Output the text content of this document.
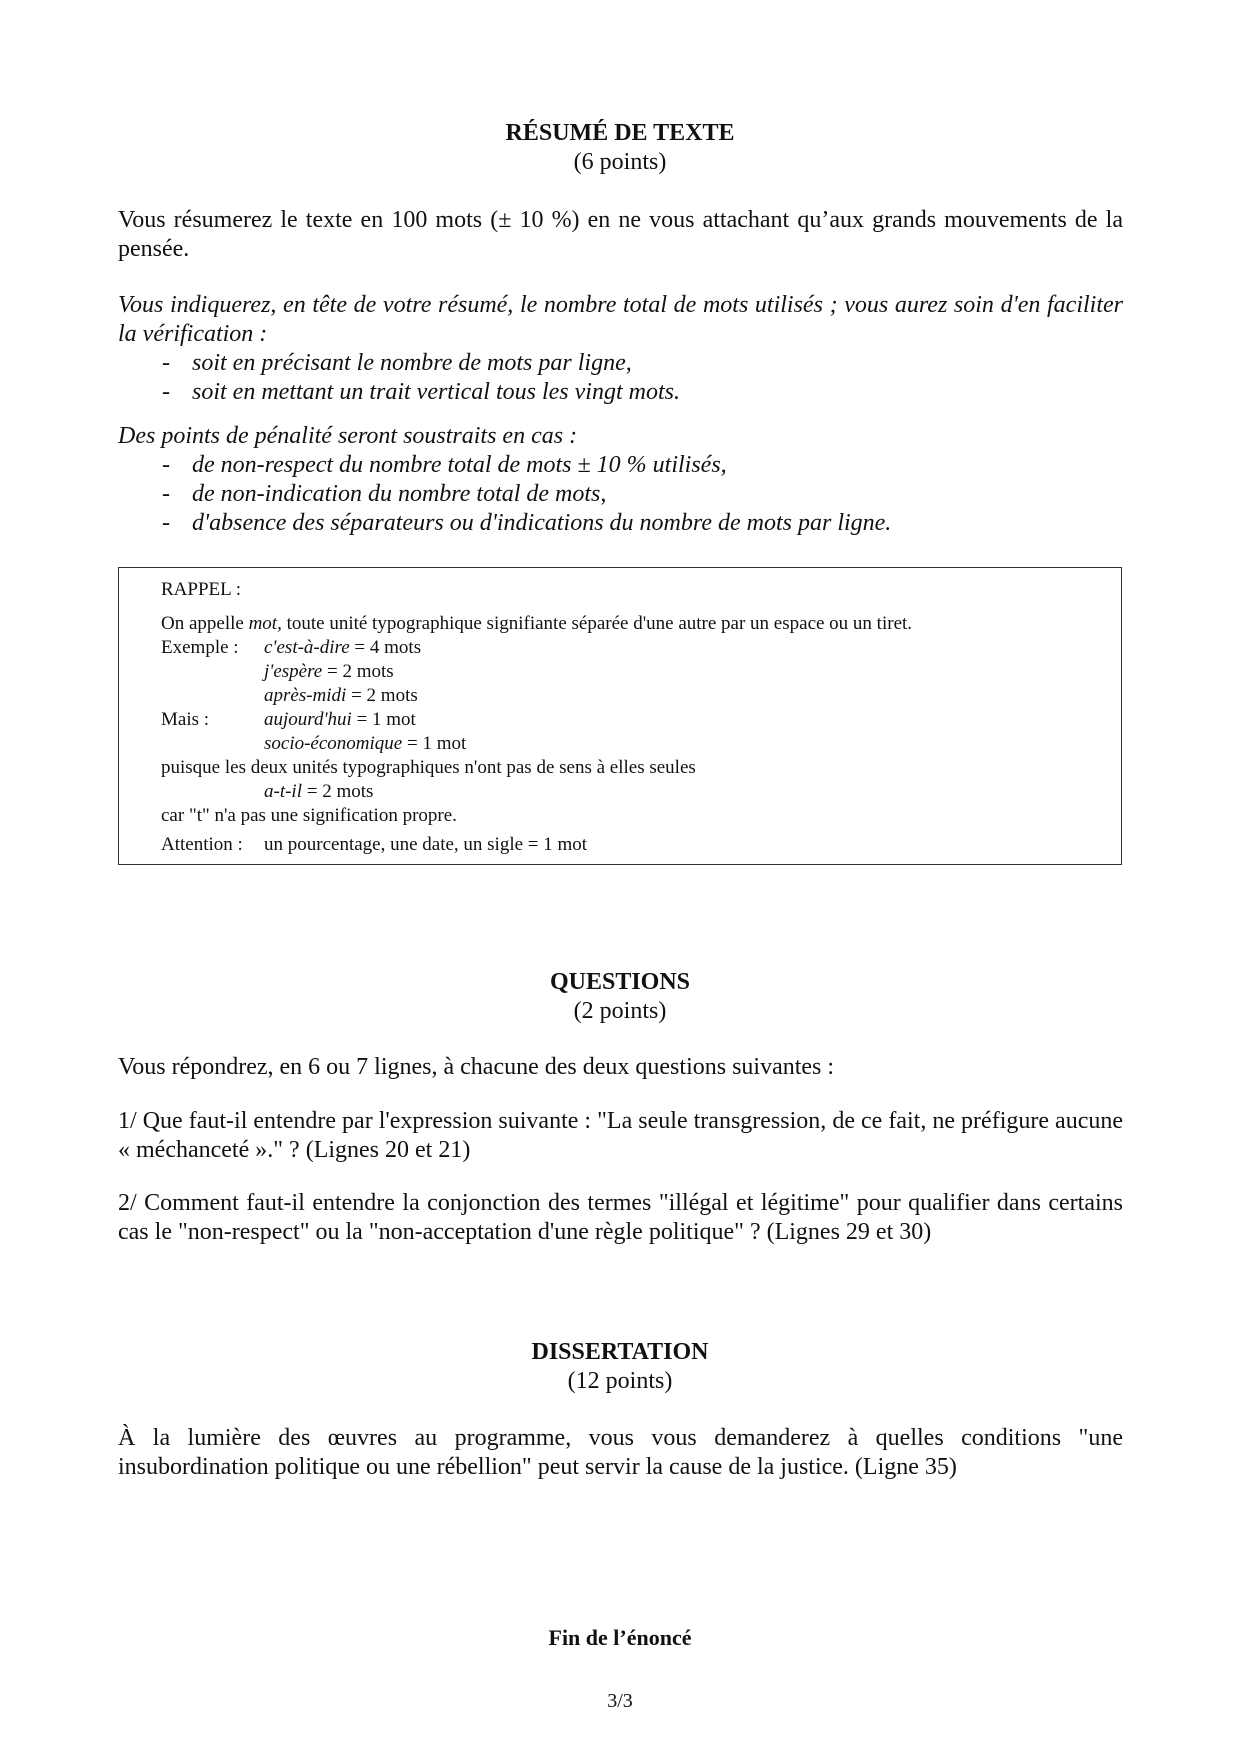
RÉSUMÉ DE TEXTE
(6 points)

Vous résumerez le texte en 100 mots (± 10 %) en ne vous attachant qu’aux grands mouvements de la pensée.

Vous indiquerez, en tête de votre résumé, le nombre total de mots utilisés ; vous aurez soin d'en faciliter la vérification :

- soit en précisant le nombre de mots par ligne,
- soit en mettant un trait vertical tous les vingt mots.

Des points de pénalité seront soustraits en cas :

- de non-respect du nombre total de mots ± 10 % utilisés,
- de non-indication du nombre total de mots,
- d'absence des séparateurs ou d'indications du nombre de mots par ligne.
RAPPEL :
On appelle mot, toute unité typographique signifiante séparée d'une autre par un espace ou un tiret.
Exemple : c'est-à-dire = 4 mots
j'espère = 2 mots
après-midi = 2 mots
Mais :	aujourd'hui = 1 mot
socio-économique = 1 mot
puisque les deux unités typographiques n'ont pas de sens à elles seules
a-t-il = 2 mots
car "t" n'a pas une signification propre.
Attention : un pourcentage, une date, un sigle = 1 mot
QUESTIONS
(2 points)

Vous répondrez, en 6 ou 7 lignes, à chacune des deux questions suivantes :

1/ Que faut-il entendre par l'expression suivante : "La seule transgression, de ce fait, ne préfigure aucune « méchanceté »." ? (Lignes 20 et 21)

2/ Comment faut-il entendre la conjonction des termes "illégal et légitime" pour qualifier dans certains cas le "non-respect" ou la "non-acceptation d'une règle politique" ? (Lignes 29 et 30)

DISSERTATION
(12 points)

À la lumière des œuvres au programme, vous vous demanderez à quelles conditions "une insubordination politique ou une rébellion" peut servir la cause de la justice. (Ligne 35)

Fin de l’énoncé
3/3
